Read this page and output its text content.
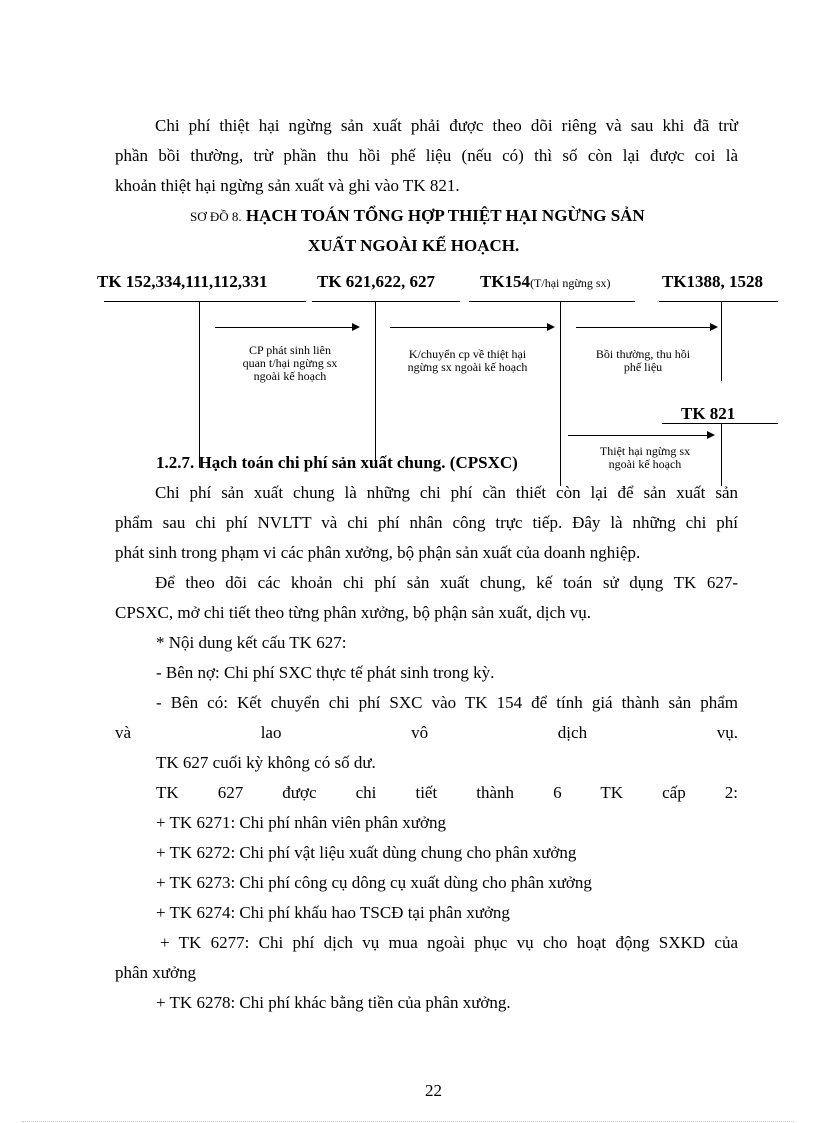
Chi phí thiệt hại ngừng sản xuất phải được theo dõi riêng và sau khi đã trừ
phần bồi thường, trừ phần thu hồi phế liệu (nếu có) thì số còn lại được coi là
khoản thiệt hại ngừng sản xuất và ghi vào TK 821.
SƠ ĐỒ 8. HẠCH TOÁN TỔNG HỢP THIỆT HẠI NGỪNG SẢN
XUẤT NGOÀI KẾ HOẠCH.
TK 152,334,111,112,331	TK 621,622, 627	TK154(T/hại ngừng sx)	TK1388, 1528
TK 821
CP phát sinh liên
quan t/hại ngừng sx
ngoài kế hoạch
K/chuyển cp về thiệt hại
ngừng sx ngoài kế hoạch
Bồi thường, thu hồi
phế liệu
Thiệt hại ngừng sx
ngoài kế hoạch
1.2.7. Hạch toán chi phí sản xuất chung. (CPSXC)
Chi phí sản xuất chung là những chi phí cần thiết còn lại để sản xuất sản
phẩm sau chi phí NVLTT và chi phí nhân công trực tiếp. Đây là những chi phí
phát sinh trong phạm vi các phân xưởng, bộ phận sản xuất của doanh nghiệp.
Để theo dõi các khoản chi phí sản xuất chung, kế toán sử dụng TK 627-
CPSXC, mở chi tiết theo từng phân xưởng, bộ phận sản xuất, dịch vụ.
* Nội dung kết cấu TK 627:
- Bên nợ: Chi phí SXC thực tế phát sinh trong kỳ.
- Bên có: Kết chuyển chi phí SXC vào TK 154 để tính giá thành sản phẩm
và lao vô dịch vụ.
TK 627 cuối kỳ không có số dư.
TK 627 được chi tiết thành 6 TK cấp 2:
+ TK 6271: Chi phí nhân viên phân xưởng
+ TK 6272: Chi phí vật liệu xuất dùng chung cho phân xưởng
+ TK 6273: Chi phí công cụ dông cụ xuất dùng cho phân xưởng
+ TK 6274: Chi phí khấu hao TSCĐ tại phân xưởng
+ TK 6277: Chi phí dịch vụ mua ngoài phục vụ cho hoạt động SXKD của
phân xưởng
+ TK 6278: Chi phí khác bằng tiền của phân xưởng.
22
